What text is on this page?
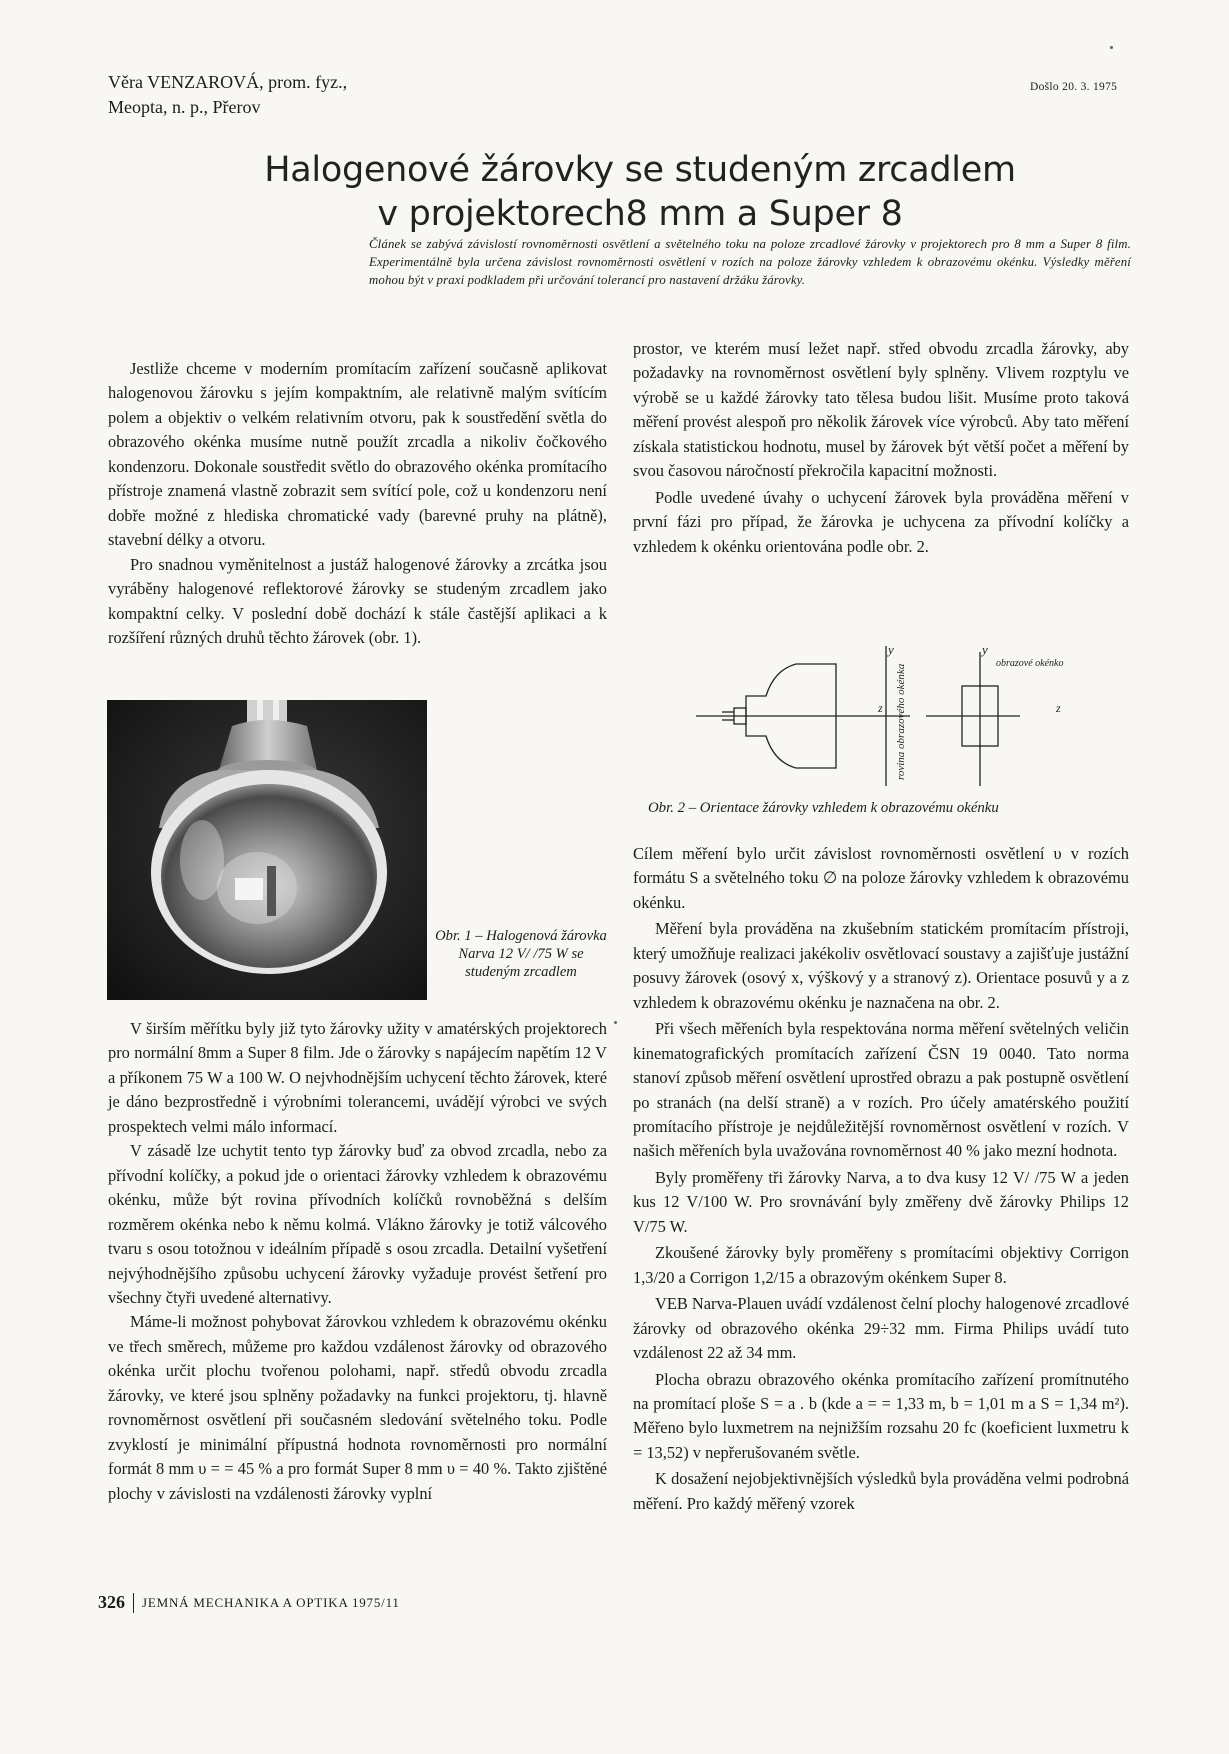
Věra VENZAROVÁ, prom. fyz.,
Meopta, n. p., Přerov
Došlo 20. 3. 1975
Halogenové žárovky se studeným zrcadlem
v projektorech8 mm a Super 8
Článek se zabývá závislostí rovnoměrnosti osvětlení a světelného toku na poloze zrcadlové žárovky v projektorech pro 8 mm a Super 8 film. Experimentálně byla určena závislost rovnoměrnosti osvětlení v rozích na poloze žárovky vzhledem k obrazovému okénku. Výsledky měření mohou být v praxi podkladem při určování tolerancí pro nastavení držáku žárovky.

Jestliže chceme v moderním promítacím zařízení současně aplikovat halogenovou žárovku s jejím kompaktním, ale relativně malým svítícím polem a objektiv o velkém relativním otvoru, pak k soustředění světla do obrazového okénka musíme nutně použít zrcadla a nikoliv čočkového kondenzoru. Dokonale soustředit světlo do obrazového okénka promítacího přístroje znamená vlastně zobrazit sem svítící pole, což u kondenzoru není dobře možné z hlediska chromatické vady (barevné pruhy na plátně), stavební délky a otvoru.

Pro snadnou vyměnitelnost a justáž halogenové žárovky a zrcátka jsou vyráběny halogenové reflektorové žárovky se studeným zrcadlem jako kompaktní celky. V poslední době dochází k stále častější aplikaci a k rozšíření různých druhů těchto žárovek (obr. 1).

Obr. 1 – Halogenová žárovka Narva 12 V/ /75 W se studeným zrcadlem

V širším měřítku byly již tyto žárovky užity v amatérských projektorech pro normální 8mm a Super 8 film. Jde o žárovky s napájecím napětím 12 V a příkonem 75 W a 100 W. O nejvhodnějším uchycení těchto žárovek, které je dáno bezprostředně i výrobními tolerancemi, uvádějí výrobci ve svých prospektech velmi málo informací.

V zásadě lze uchytit tento typ žárovky buď za obvod zrcadla, nebo za přívodní kolíčky, a pokud jde o orientaci žárovky vzhledem k obrazovému okénku, může být rovina přívodních kolíčků rovnoběžná s delším rozměrem okénka nebo k němu kolmá. Vlákno žárovky je totiž válcového tvaru s osou totožnou v ideálním případě s osou zrcadla. Detailní vyšetření nejvýhodnějšího způsobu uchycení žárovky vyžaduje provést šetření pro všechny čtyři uvedené alternativy.

Máme-li možnost pohybovat žárovkou vzhledem k obrazovému okénku ve třech směrech, můžeme pro každou vzdálenost žárovky od obrazového okénka určit plochu tvořenou polohami, např. středů obvodu zrcadla žárovky, ve které jsou splněny požadavky na funkci projektoru, tj. hlavně rovnoměrnost osvětlení při současném sledování světelného toku. Podle zvyklostí je minimální přípustná hodnota rovnoměrnosti pro normální formát 8 mm υ = = 45 % a pro formát Super 8 mm υ = 40 %. Takto zjištěné plochy v závislosti na vzdálenosti žárovky vyplní

prostor, ve kterém musí ležet např. střed obvodu zrcadla žárovky, aby požadavky na rovnoměrnost osvětlení byly splněny. Vlivem rozptylu ve výrobě se u každé žárovky tato tělesa budou lišit. Musíme proto taková měření provést alespoň pro několik žárovek více výrobců. Aby tato měření získala statistickou hodnotu, musel by žárovek být větší počet a měření by svou časovou náročností překročila kapacitní možnosti.

Podle uvedené úvahy o uchycení žárovek byla prováděna měření v první fázi pro případ, že žárovka je uchycena za přívodní kolíčky a vzhledem k okénku orientována podle obr. 2.

y
z rovina obrazového okénka
y
obrazové okénko
z
Obr. 2 – Orientace žárovky vzhledem k obrazovému okénku

Cílem měření bylo určit závislost rovnoměrnosti osvětlení υ v rozích formátu S a světelného toku ∅ na poloze žárovky vzhledem k obrazovému okénku.

Měření byla prováděna na zkušebním statickém promítacím přístroji, který umožňuje realizaci jakékoliv osvětlovací soustavy a zajišťuje justážní posuvy žárovek (osový x, výškový y a stranový z). Orientace posuvů y a z vzhledem k obrazovému okénku je naznačena na obr. 2.

Při všech měřeních byla respektována norma měření světelných veličin kinematografických promítacích zařízení ČSN 19 0040. Tato norma stanoví způsob měření osvětlení uprostřed obrazu a pak postupně osvětlení po stranách (na delší straně) a v rozích. Pro účely amatérského použití promítacího přístroje je nejdůležitější rovnoměrnost osvětlení v rozích. V našich měřeních byla uvažována rovnoměrnost 40 % jako mezní hodnota.

Byly proměřeny tři žárovky Narva, a to dva kusy 12 V/ /75 W a jeden kus 12 V/100 W. Pro srovnávání byly změřeny dvě žárovky Philips 12 V/75 W.

Zkoušené žárovky byly proměřeny s promítacími objektivy Corrigon 1,3/20 a Corrigon 1,2/15 a obrazovým okénkem Super 8.

VEB Narva-Plauen uvádí vzdálenost čelní plochy halogenové zrcadlové žárovky od obrazového okénka 29÷32 mm. Firma Philips uvádí tuto vzdálenost 22 až 34 mm.

Plocha obrazu obrazového okénka promítacího zařízení promítnutého na promítací ploše S = a . b (kde a = = 1,33 m, b = 1,01 m a S = 1,34 m²). Měřeno bylo luxmetrem na nejnižším rozsahu 20 fc (koeficient luxmetru k = 13,52) v nepřerušovaném světle.

K dosažení nejobjektivnějších výsledků byla prováděna velmi podrobná měření. Pro každý měřený vzorek

326 JEMNÁ MECHANIKA A OPTIKA 1975/11
